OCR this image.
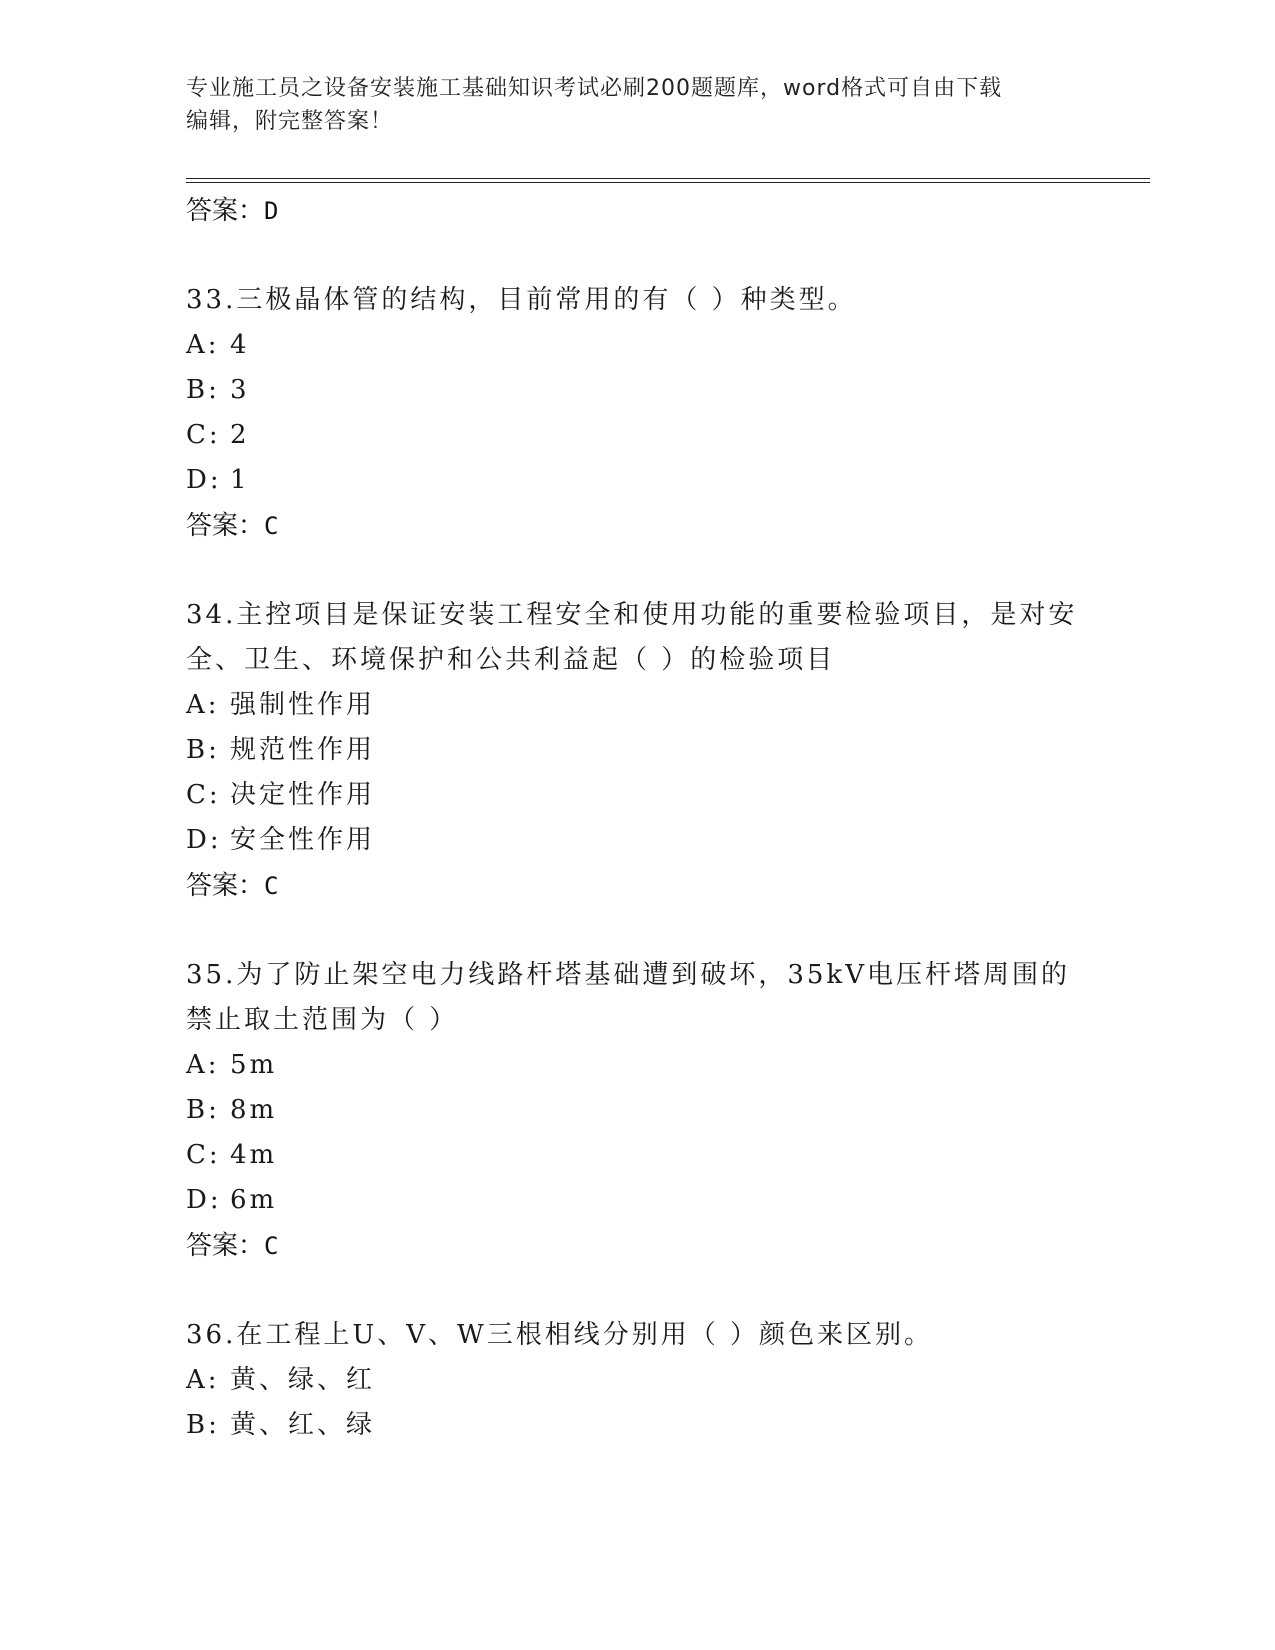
专业施工员之设备安装施工基础知识考试必刷200题题库，word格式可自由下载
编辑，附完整答案！
答案：D
33.三极晶体管的结构，目前常用的有（ ）种类型。
A: 4
B: 3
C: 2
D: 1
答案：C
34.主控项目是保证安装工程安全和使用功能的重要检验项目，是对安全、卫生、环境保护和公共利益起（ ）的检验项目
A: 强制性作用
B: 规范性作用
C: 决定性作用
D: 安全性作用
答案：C
35.为了防止架空电力线路杆塔基础遭到破坏，35kV电压杆塔周围的禁止取土范围为（ ）
A: 5m
B: 8m
C: 4m
D: 6m
答案：C
36.在工程上U、V、W三根相线分别用（ ）颜色来区别。
A: 黄、绿、红
B: 黄、红、绿
